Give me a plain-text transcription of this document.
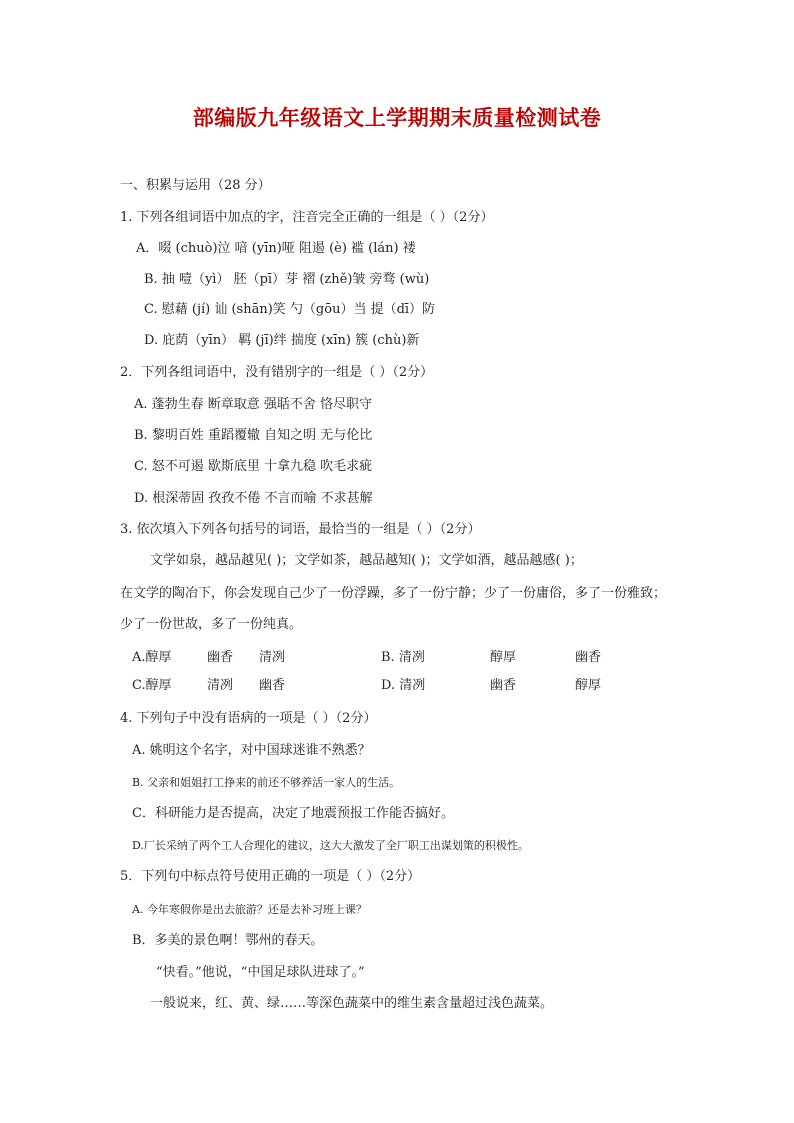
部编版九年级语文上学期期末质量检测试卷
一、积累与运用（28 分）
1. 下列各组词语中加点的字，注音完全正确的一组是（ ）（2分）
A．啜 (chuò)泣 喑 (yīn)哑 阻遏 (è) 褴 (lán) 褛
B. 抽 噎（yì） 胚（pī）芽 褶 (zhě)皱 旁骛 (wù)
C. 慰藉 (jí) 讪 (shān)笑 勺（gōu）当 提（dī）防
D. 庇荫（yīn） 羁 (jī)绊 揣度 (xīn) 簇 (chù)新
2．下列各组词语中，没有错别字的一组是（ ）（2分）
A. 蓬勃生春 断章取意 强聒不舍 恪尽职守
B. 黎明百姓 重蹈覆辙 自知之明 无与伦比
C. 怒不可遏 歇斯底里 十拿九稳 吹毛求疵
D. 根深蒂固 孜孜不倦 不言而喻 不求甚解
3. 依次填入下列各句括号的词语，最恰当的一组是（ ）（2分）
文学如泉，越品越见( )；文学如茶，越品越知( )；文学如酒，越品越感( )；
在文学的陶冶下，你会发现自己少了一份浮躁，多了一份宁静；少了一份庸俗，多了一份雅致；
少了一份世故，多了一份纯真。
A.醇厚	幽香 清冽	B. 清冽	醇厚	幽香
C.醇厚	清冽 幽香	D. 清冽	幽香	醇厚
4. 下列句子中没有语病的一项是（ ）（2分）
A. 姚明这个名字，对中国球迷谁不熟悉？
B. 父亲和姐姐打工挣来的前还不够养活一家人的生活。
C．科研能力是否提高，决定了地震预报工作能否搞好。
D.厂长采纳了两个工人合理化的建议，这大大激发了全厂职工出谋划策的积极性。
5．下列句中标点符号使用正确的一项是（ ）（2分）
A. 今年寒假你是出去旅游？还是去补习班上课？
B．多美的景色啊！鄂州的春天。
“快看。”他说，“中国足球队进球了。”
一般说来，红、黄、绿……等深色蔬菜中的维生素含量超过浅色蔬菜。
